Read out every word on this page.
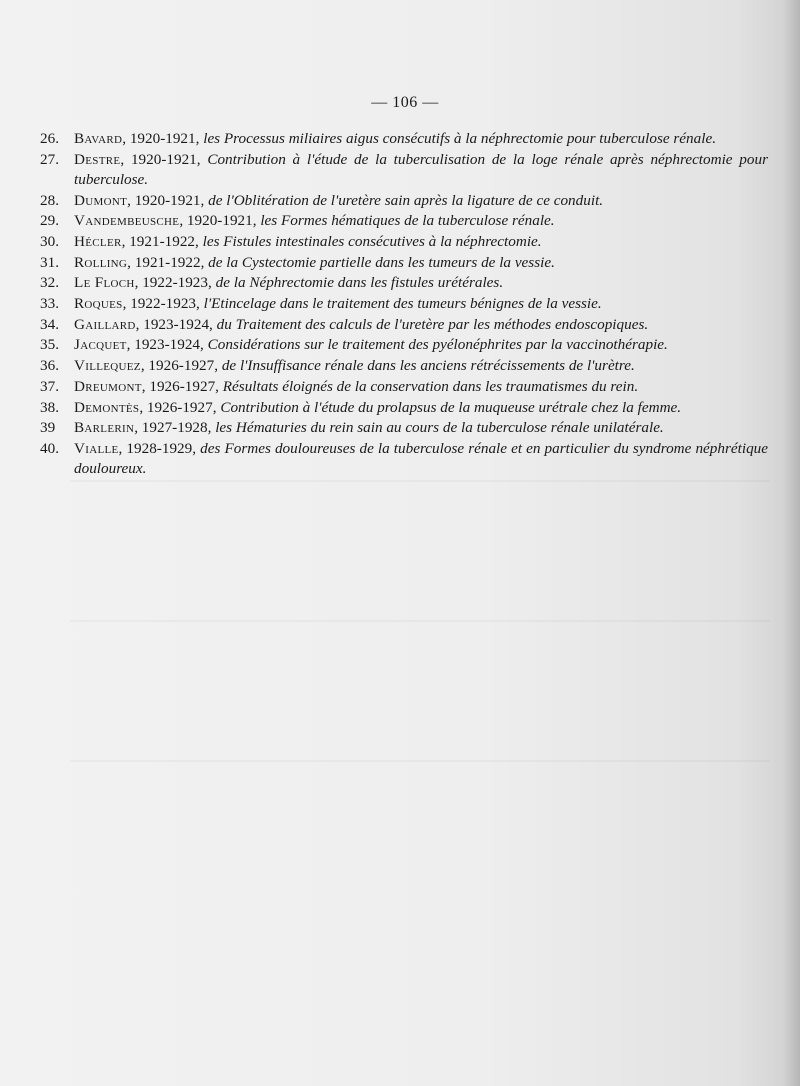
— 106 —
26. Bavard, 1920-1921, les Processus miliaires aigus consécutifs à la néphrectomie pour tuberculose rénale.
27. Destre, 1920-1921, Contribution à l'étude de la tuberculisation de la loge rénale après néphrectomie pour tuberculose.
28. Dumont, 1920-1921, de l'Oblitération de l'uretère sain après la ligature de ce conduit.
29. Vandembeusche, 1920-1921, les Formes hématiques de la tuberculose rénale.
30. Hécler, 1921-1922, les Fistules intestinales consécutives à la néphrectomie.
31. Rolling, 1921-1922, de la Cystectomie partielle dans les tumeurs de la vessie.
32. Le Floch, 1922-1923, de la Néphrectomie dans les fistules urétérales.
33. Roques, 1922-1923, l'Etincelage dans le traitement des tumeurs bénignes de la vessie.
34. Gaillard, 1923-1924, du Traitement des calculs de l'uretère par les méthodes endoscopiques.
35. Jacquet, 1923-1924, Considérations sur le traitement des pyélonéphrites par la vaccinothérapie.
36. Villequez, 1926-1927, de l'Insuffisance rénale dans les anciens rétrécissements de l'urètre.
37. Dreumont, 1926-1927, Résultats éloignés de la conservation dans les traumatismes du rein.
38. Demontès, 1926-1927, Contribution à l'étude du prolapsus de la muqueuse urétrale chez la femme.
39	Barlerin, 1927-1928, les Hématuries du rein sain au cours de la tuberculose rénale unilatérale.
40. Vialle, 1928-1929, des Formes douloureuses de la tuberculose rénale et en particulier du syndrome néphrétique douloureux.
